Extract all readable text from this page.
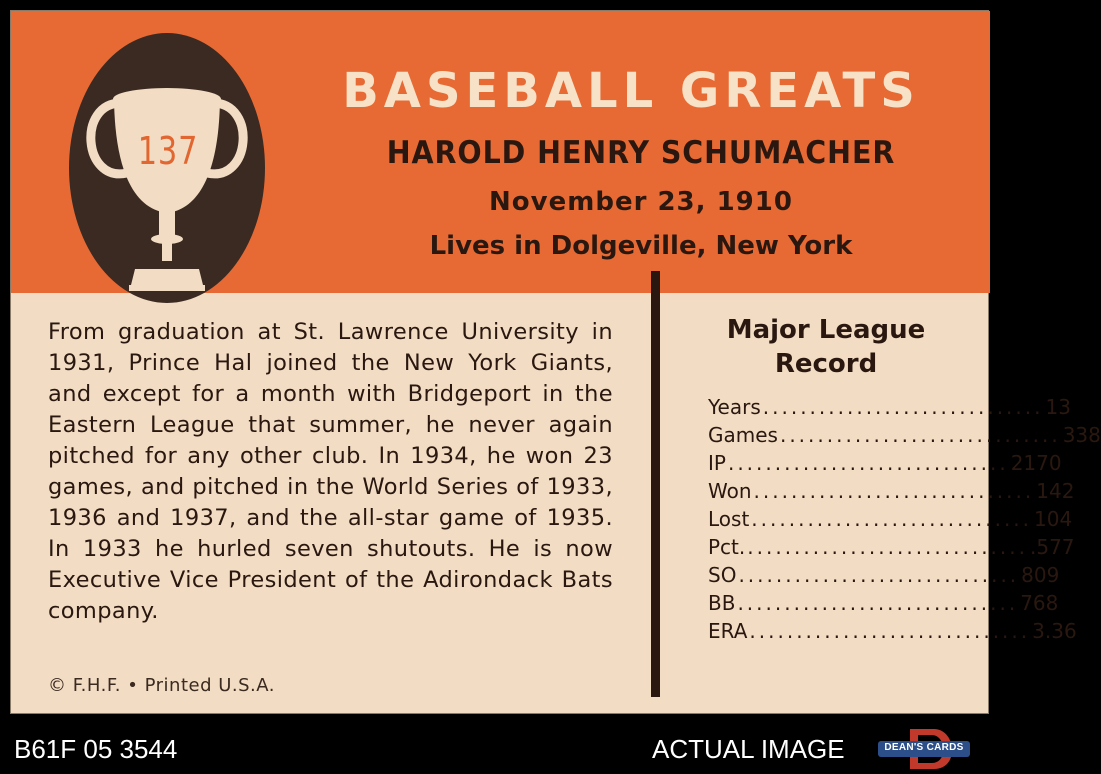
137
BASEBALL GREATS
HAROLD HENRY SCHUMACHER
November 23, 1910
Lives in Dolgeville, New York

From graduation at St. Lawrence University in 1931, Prince Hal joined the New York Giants, and except for a month with Bridgeport in the Eastern League that summer, he never again pitched for any other club. In 1934, he won 23 games, and pitched in the World Series of 1933, 1936 and 1937, and the all-star game of 1935. In 1933 he hurled seven shutouts. He is now Executive Vice President of the Adirondack Bats company.

© F.H.F. • Printed U.S.A.
Major League Record
Years .............................. 13
Games .............................. 338
IP .............................. 2170
Won .............................. 142
Lost .............................. 104
Pct. .............................. .577
SO .............................. 809
BB .............................. 768
ERA .............................. 3.36
B61F 05 3544	ACTUAL IMAGE	DEAN'S CARDS
